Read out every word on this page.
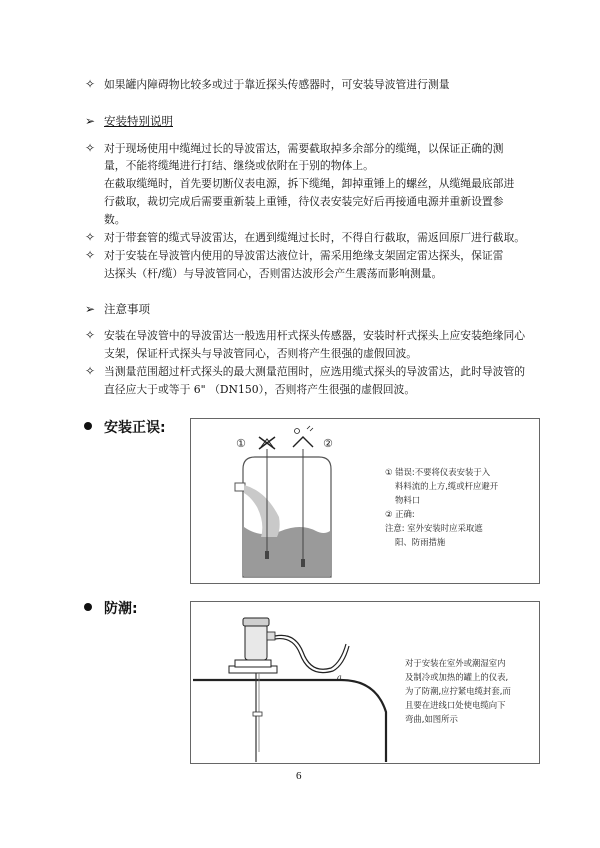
✧ 如果罐内障碍物比较多或过于靠近探头传感器时，可安装导波管进行测量
➢ 安装特别说明
✧ 对于现场使用中缆绳过长的导波雷达，需要截取掉多余部分的缆绳，以保证正确的测
量，不能将缆绳进行打结、继绕或依附在于别的物体上。
在截取缆绳时，首先要切断仪表电源，拆下缆绳，卸掉重锤上的螺丝，从缆绳最底部进
行截取，裁切完成后需要重新装上重锤，待仪表安装完好后再接通电源并重新设置参
数。
✧ 对于带套管的缆式导波雷达，在遇到缆绳过长时，不得自行截取，需返回原厂进行截取。
✧ 对于安装在导波管内使用的导波雷达液位计，需采用绝缘支架固定雷达探头，保证雷
达探头（杆/缆）与导波管同心，否则雷达波形会产生震荡而影响测量。
➢ 注意事项
✧ 安装在导波管中的导波雷达一般选用杆式探头传感器，安装时杆式探头上应安装绝缘同心
支架，保证杆式探头与导波管同心，否则将产生很强的虚假回波。
✧ 当测量范围超过杆式探头的最大测量范围时，应选用缆式探头的导波雷达，此时导波管的
直径应大于或等于 6" （DN150），否则将产生很强的虚假回波。
安装正误:
①	②
① 错误:不要将仪表安装于入
料料流的上方,缆或杆应避开
物料口
② 正确:
注意: 室外安装时应采取遮
阳、防雨措施
防潮:
a
对于安装在室外或潮湿室内
及制冷或加热的罐上的仪表,
为了防潮,应拧紧电缆封套,而
且要在进线口处使电缆向下
弯曲,如图所示
6
